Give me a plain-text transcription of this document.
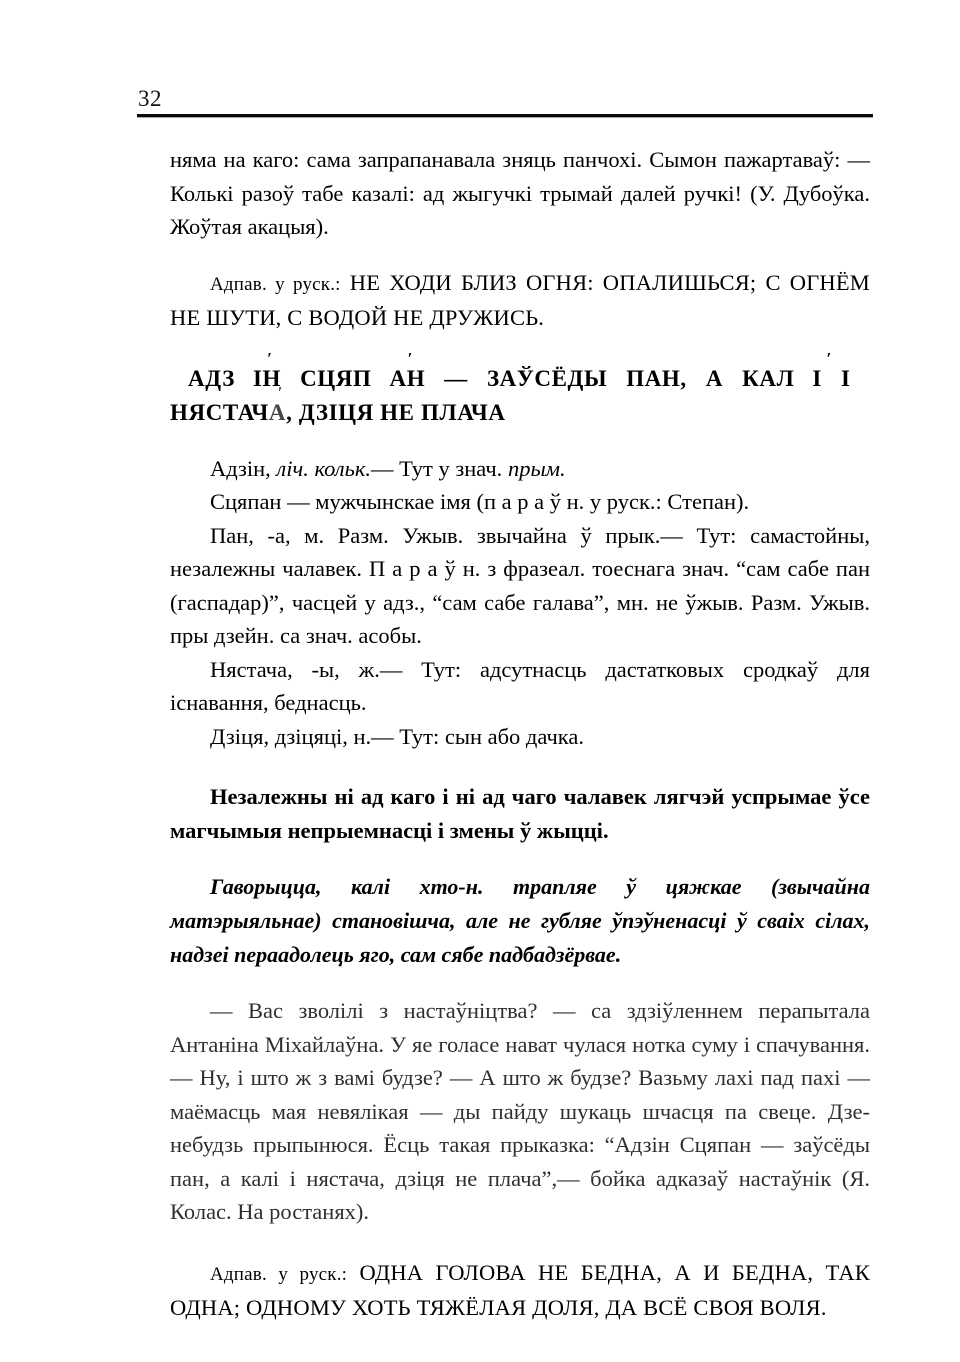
32

няма на каго: сама запрапанавала зняць панчохі. Сымон пажартаваў: — Колькі разоў табе казалі: ад жыгучкі трымай далей ручкі! (У. Дубоўка. Жоўтая акацыя).

Адпав. у руск.: НЕ ХОДИ БЛИЗ ОГНЯ: ОПАЛИШЬСЯ; С ОГНЁМ НЕ ШУТИ, С ВОДОЙ НЕ ДРУЖИСЬ.

АДЗ І ′Н СЦЯП А ′Н — ЗАЎСЁДЫ ПАН, А КАЛ І ′ І

НЯСТАЧА ′, ДЗІЦЯ НЕ ПЛАЧА

Адзін, ліч. кольк.— Тут у знач. прым.

Сцяпан — мужчынскае імя (п а р а ў н. у руск.: Степан).

Пан, -а, м. Разм. Ужыв. звычайна ў прык.— Тут: самастойны, незалежны чалавек. П а р а ў н. з фразеал. тоеснага знач. “сам сабе пан (гаспадар)”, часцей у адз., “сам сабе галава”, мн. не ўжыв. Разм. Ужыв. пры дзейн. са знач. асобы.

Нястача, -ы, ж.— Тут: адсутнасць дастатковых сродкаў для існавання, беднасць.

Дзіця, дзіцяці, н.— Тут: сын або дачка.

Незалежны ні ад каго і ні ад чаго чалавек лягчэй успрымае ўсе магчымыя непрыемнасці і змены ў жыцці.

Гаворыцца, калі хто-н. трапляе ў цяжкае (звычайна матэрыяльнае) становішча, але не губляе ўпэўненасці ў сваіх сілах, надзеі пераадолець яго, сам сябе падбадзёрвае.

— Вас зволілі з настаўніцтва? — са здзіўленнем перапытала Антаніна Міхайлаўна. У яе голасе нават чулася нотка суму і спачування.— Ну, і што ж з вамі будзе? — А што ж будзе? Вазьму лахі пад пахі — маёмасць мая невялікая — ды пайду шукаць шчасця па свеце. Дзе-небудзь прыпынюся. Ёсць такая прыказка: “Адзін Сцяпан — заўсёды пан, а калі і нястача, дзіця не плача”,— бойка адказаў настаўнік (Я. Колас. На ростанях).

Адпав. у руск.: ОДНА ГОЛОВА НЕ БЕДНА, А И БЕДНА, ТАК ОДНА; ОДНОМУ ХОТЬ ТЯЖЁЛАЯ ДОЛЯ, ДА ВСЁ СВОЯ ВОЛЯ.
